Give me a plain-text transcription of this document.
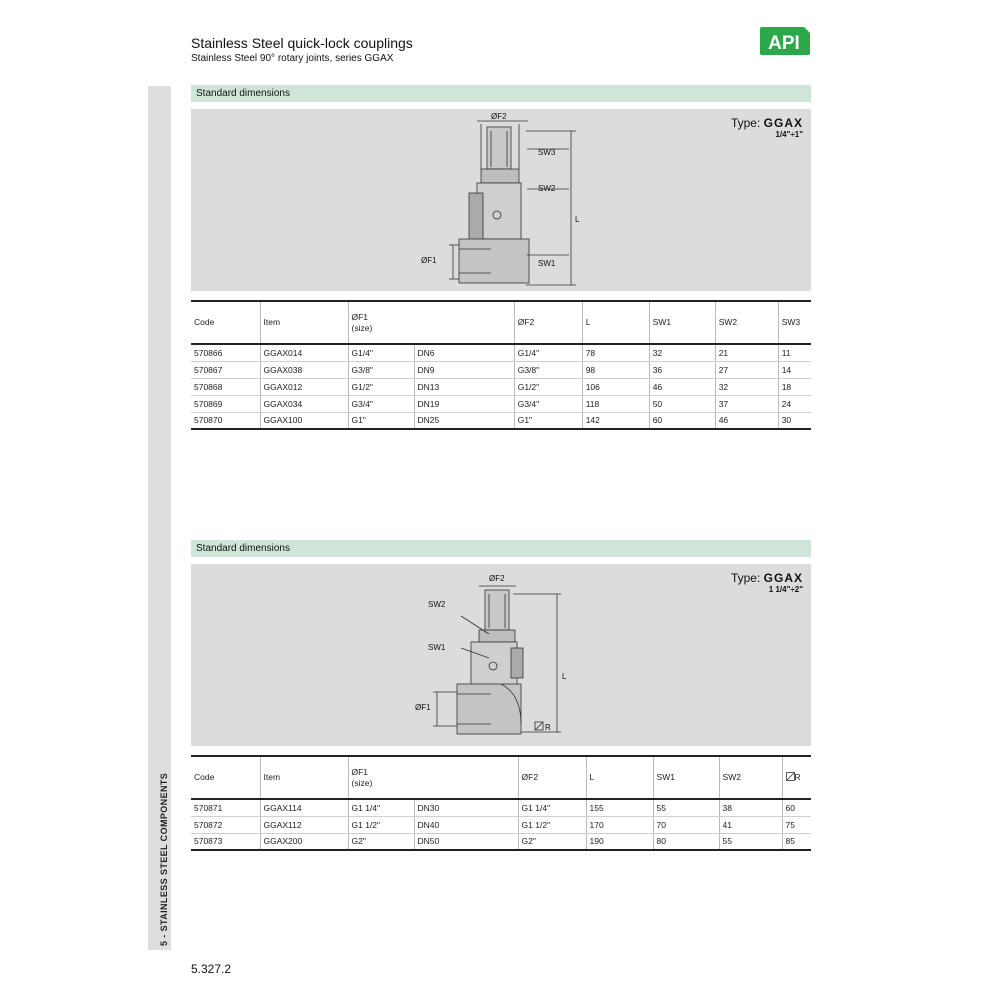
Stainless Steel quick-lock couplings
Stainless Steel 90° rotary joints, series GGAX
API
5 - STAINLESS STEEL COMPONENTS
Standard dimensions
Type: GGAX
1/4"÷1"
ØF2
SW3
SW2
L
ØF1	SW1
Code	Item	ØF1
(size)		ØF2	L	SW1	SW2	SW3
570866	GGAX014	G1/4"	DN6	G1/4"	78	32	21	11
570867	GGAX038	G3/8"	DN9	G3/8"	98	36	27	14
570868	GGAX012	G1/2"	DN13	G1/2"	106	46	32	18
570869	GGAX034	G3/4"	DN19	G3/4"	118	50	37	24
570870	GGAX100	G1"	DN25	G1"	142	60	46	30
Standard dimensions
Type: GGAX
1 1/4"÷2"
ØF2
SW2
SW1
L
ØF1
R
Code	Item	ØF1
(size)		ØF2	L	SW1	SW2	R
570871	GGAX114	G1 1/4"	DN30	G1 1/4"	155	55	38	60
570872	GGAX112	G1 1/2"	DN40	G1 1/2"	170	70	41	75
570873	GGAX200	G2"	DN50	G2"	190	80	55	85
5.327.2
